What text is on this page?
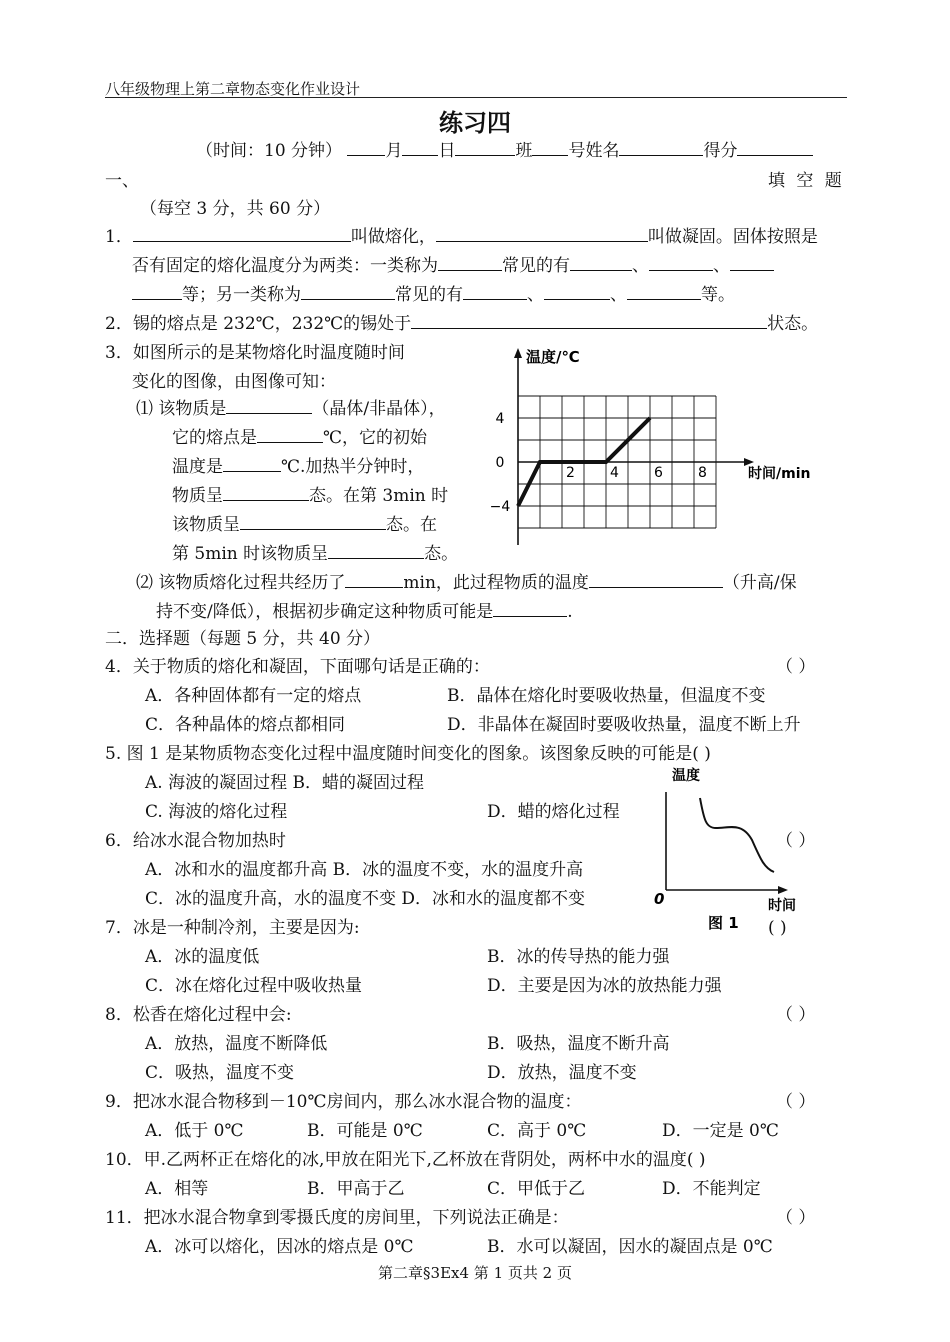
八年级物理上第二章物态变化作业设计
练习四
（时间：10 分钟）	月 日	班 号姓名	得分
一、	填 空 题
（每空 3 分，共 60 分）
1．	叫做熔化，	叫做凝固。固体按照是
否有固定的熔化温度分为两类：一类称为	常见的有	、	、
等；另一类称为	常见的有	、	、	等。
2．锡的熔点是 232℃，232℃的锡处于	状态。
3．如图所示的是某物熔化时温度随时间
变化的图像，由图像可知：
⑴ 该物质是	（晶体/非晶体），
它的熔点是	℃，它的初始
温度是	℃.加热半分钟时，
物质呈	态。在第 3min 时
该物质呈	态。在
第 5min 时该物质呈	态。
⑵ 该物质熔化过程共经历了	min，此过程物质的温度	（升高/保
持不变/降低），根据初步确定这种物质可能是	.
温度/℃
时间/min
4
0
−4
2	4	6	8
二．选择题（每题 5 分，共 40 分）
4．关于物质的熔化和凝固，下面哪句话是正确的：	（ ）
A．各种固体都有一定的熔点	B．晶体在熔化时要吸收热量，但温度不变
C．各种晶体的熔点都相同	D．非晶体在凝固时要吸收热量，温度不断上升
5. 图 1 是某物质物态变化过程中温度随时间变化的图象。该图象反映的可能是( )
A. 海波的凝固过程 B．蜡的凝固过程
C. 海波的熔化过程	D．蜡的熔化过程
温度
时间
0
图 1
6．给冰水混合物加热时	（ ）
A．冰和水的温度都升高 B．冰的温度不变，水的温度升高
C．冰的温度升高，水的温度不变 D．冰和水的温度都不变
7．冰是一种制冷剂，主要是因为:	( )
A．冰的温度低	B．冰的传导热的能力强
C．冰在熔化过程中吸收热量	D．主要是因为冰的放热能力强
8．松香在熔化过程中会:	（ ）
A．放热，温度不断降低	B．吸热，温度不断升高
C．吸热，温度不变	D．放热，温度不变
9．把冰水混合物移到－10℃房间内，那么冰水混合物的温度：	（ ）
A．低于 0℃	B．可能是 0℃	C．高于 0℃	D．一定是 0℃
10．甲.乙两杯正在熔化的冰,甲放在阳光下,乙杯放在背阴处，两杯中水的温度( )
A．相等	B．甲高于乙	C．甲低于乙	D．不能判定
11．把冰水混合物拿到零摄氏度的房间里，下列说法正确是：	（ ）
A．冰可以熔化，因冰的熔点是 0℃	B．水可以凝固，因水的凝固点是 0℃
第二章§3Ex4 第 1 页共 2 页
